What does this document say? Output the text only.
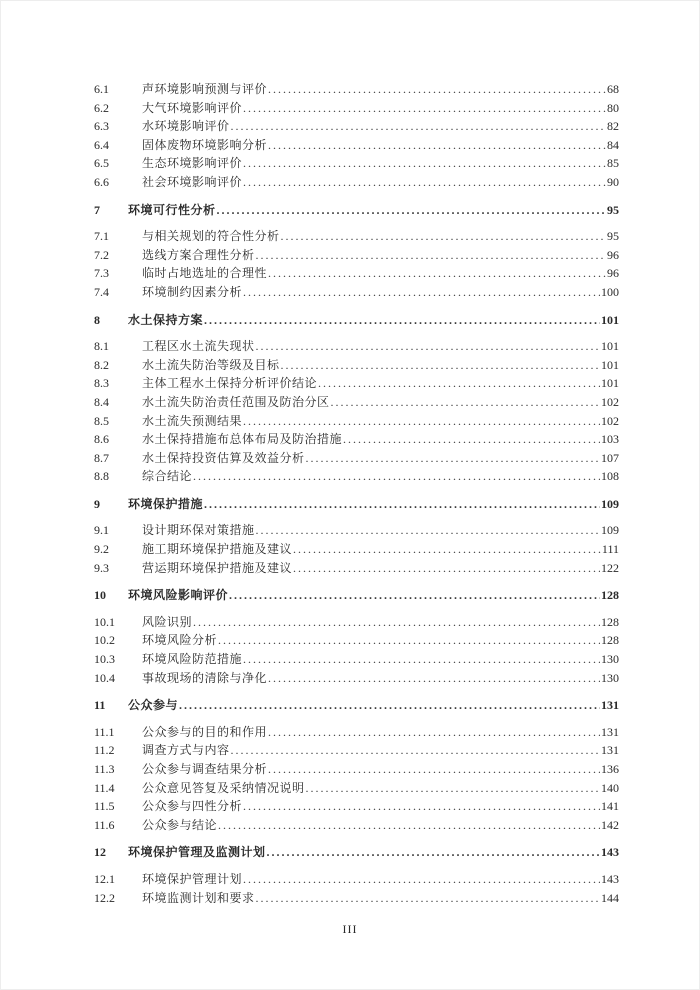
6.1	声环境影响预测与评价 .....	68
6.2	大气环境影响评价 .....	80
6.3	水环境影响评价 .....	82
6.4	固体废物环境影响分析 .....	84
6.5	生态环境影响评价 .....	85
6.6	社会环境影响评价 .....	90
7	环境可行性分析 .....	95
7.1	与相关规划的符合性分析 .....	95
7.2	选线方案合理性分析 .....	96
7.3	临时占地选址的合理性 .....	96
7.4	环境制约因素分析 .....	100
8	水土保持方案 .....	101
8.1	工程区水土流失现状 .....	101
8.2	水土流失防治等级及目标 .....	101
8.3	主体工程水土保持分析评价结论 .....	101
8.4	水土流失防治责任范围及防治分区 .....	102
8.5	水土流失预测结果 .....	102
8.6	水土保持措施布总体布局及防治措施 .....	103
8.7	水土保持投资估算及效益分析 .....	107
8.8	综合结论 .....	108
9	环境保护措施 .....	109
9.1	设计期环保对策措施 .....	109
9.2	施工期环境保护措施及建议 .....	111
9.3	营运期环境保护措施及建议 .....	122
10	环境风险影响评价 .....	128
10.1	风险识别 .....	128
10.2	环境风险分析 .....	128
10.3	环境风险防范措施 .....	130
10.4	事故现场的清除与净化 .....	130
11	公众参与 .....	131
11.1	公众参与的目的和作用 .....	131
11.2	调查方式与内容 .....	131
11.3	公众参与调查结果分析 .....	136
11.4	公众意见答复及采纳情况说明 .....	140
11.5	公众参与四性分析 .....	141
11.6	公众参与结论 .....	142
12	环境保护管理及监测计划 .....	143
12.1	环境保护管理计划 .....	143
12.2	环境监测计划和要求 .....	144
III
